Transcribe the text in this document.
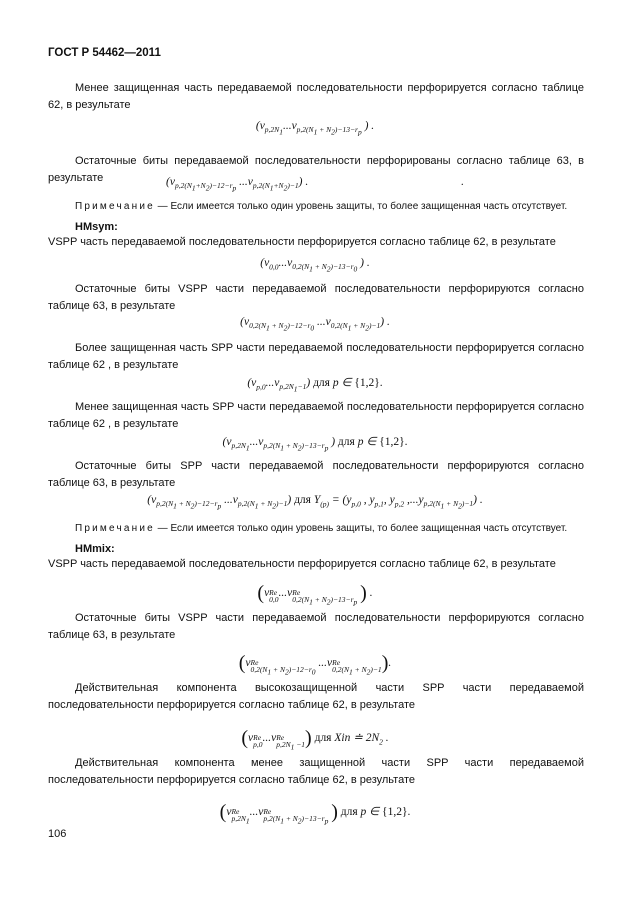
ГОСТ Р 54462—2011
Менее защищенная часть передаваемой последовательности перфорируется согласно таблице 62, в результате
($v_{p,2N_1}...v_{p,2(N_1 + N_2)-13-r_p}$ ) .
Остаточные биты передаваемой последовательности перфорированы согласно таблице 63, в результате	($v_{p,2(N_1+N_2)-12-r_p}$ $...v_{p,2(N_1+N_2)-1}$) .	.
Примечание — Если имеется только один уровень защиты, то более защищенная часть отсутствует.
HMsym:
VSPP часть передаваемой последовательности перфорируется согласно таблице 62, в результате
($v_{0,0}...v_{0,2(N_1 + N_2)-13-r_0}$ ) .
Остаточные биты VSPP части передаваемой последовательности перфорируются согласно таблице 63, в результате
($v_{0,2(N_1 + N_2)-12-r_0}$ $...v_{0,2(N_1 + N_2)-1}$) .
Более защищенная часть SPP части передаваемой последовательности перфорируется согласно таблице 62 , в результате
$(v_{p,0}...v_{p,2N_1-1})$ для p ∈ {1,2}.
Менее защищенная часть SPP части передаваемой последовательности перфорируется согласно таблице 62 , в результате
($v_{p,2N_1}...v_{p,2(N_1 + N_2)-13-r_p}$ ) для p ∈ {1,2}.
Остаточные биты SPP части передаваемой последовательности перфорируются согласно таблице 63, в результате
($v_{p,2(N_1 + N_2)-12-r_p}$ $...v_{p,2(N_1 + N_2)-1}$) для $Y_{(p)} = (y_{p,0}$ , $y_{p,1}$, $y_{p,2}$ $,...y_{p,2(N_1 + N_2)-1}$) .
Примечание — Если имеется только один уровень защиты, то более защищенная часть отсутствует.
HMmix:
VSPP часть передаваемой последовательности перфорируется согласно таблице 62, в результате
(vRe
0,0...vRe
$0,2(N_1 + N_2)-13-r_p$ ) .
Остаточные биты VSPP части передаваемой последовательности перфорируются согласно таблице 63, в результате
(vRe
$0,2(N_1 + N_2)-12-r_0$ ...vRe
$0,2(N_1 + N_2)-1$).
Действительная компонента высокозащищенной части SPP части передаваемой последовательности перфорируется согласно таблице 62, в результате
(vRe
p,0...vRe
$p,2N_1 -1$) для Xin ≐ $2N_2$ .
Действительная компонента менее защищенной части SPP части передаваемой последовательности перфорируется согласно таблице 62, в результате
(vRe
$p,2N_1...vRe$
$p,2(N_1 + N_2)-13-r_p$ ) для p ∈ {1,2}.
106
